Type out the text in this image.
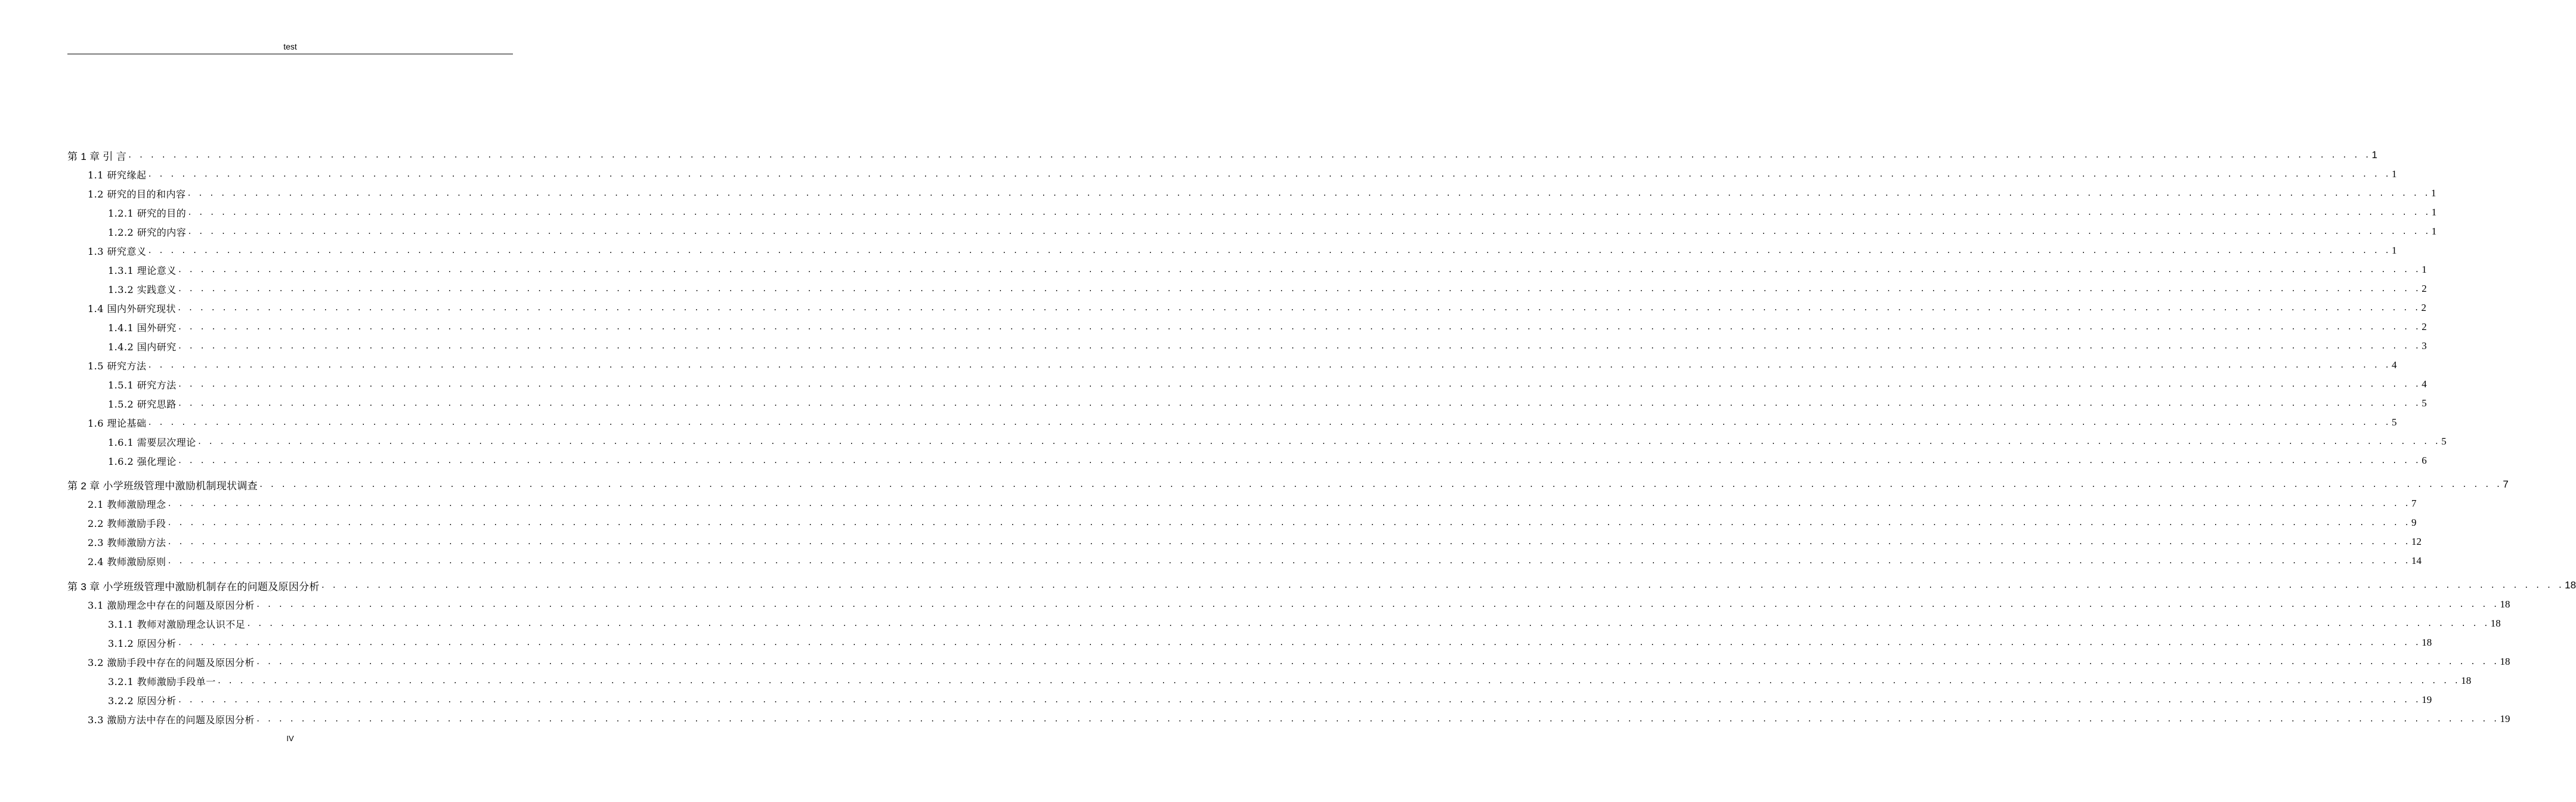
test
第 1 章 引 言 . . . . . . . . . . . . . . . . . . . . . . . . . . . . . . . . . . . . . . . . . . . . . . . . . . . . . . . . . . . . . . . . . . . . . . . . . . . . . . . . . . . . . . . . . . . . . . . . . . . . . . . . . . . . . . . . . . . . . . . . . . . . . . . . . . . . . . . . . . . . . . . . . . . . . . . . . . . . . . . . . . . . . . . . . . . . . . . . . . . . . . . . . . . . . . . . . . . . . . . . 1
1.1 研究缘起 . . . . . . . . . . . . . . . . . . . . . . . . . . . . . . . . . . . . . . . . . . . . . . . . . . . . . . . . . . . . . . . . . . . . . . . . . . . . . . . . . . . . . . . . . . . . . . . . . . . . . . . . . . . . . . . . . . . . . . . . . . . . . . . . . . . . . . . . . . . . . . . . . . . . . . . . . . . . . . . . . . . . . . . . . . . . . . . . . . . . . . . . . . . . . . . . . . . . . . . . 1
1.2 研究的目的和内容 . . . . . . . . . . . . . . . . . . . . . . . . . . . . . . . . . . . . . . . . . . . . . . . . . . . . . . . . . . . . . . . . . . . . . . . . . . . . . . . . . . . . . . . . . . . . . . . . . . . . . . . . . . . . . . . . . . . . . . . . . . . . . . . . . . . . . . . . . . . . . . . . . . . . . . . . . . . . . . . . . . . . . . . . . . . . . . . . . . . . . . . . . . . . . . . . . . . . . . . . 1
1.2.1 研究的目的 . . . . . . . . . . . . . . . . . . . . . . . . . . . . . . . . . . . . . . . . . . . . . . . . . . . . . . . . . . . . . . . . . . . . . . . . . . . . . . . . . . . . . . . . . . . . . . . . . . . . . . . . . . . . . . . . . . . . . . . . . . . . . . . . . . . . . . . . . . . . . . . . . . . . . . . . . . . . . . . . . . . . . . . . . . . . . . . . . . . . . . . . . . . . . . . . . . . . . . . . 1
1.2.2 研究的内容 . . . . . . . . . . . . . . . . . . . . . . . . . . . . . . . . . . . . . . . . . . . . . . . . . . . . . . . . . . . . . . . . . . . . . . . . . . . . . . . . . . . . . . . . . . . . . . . . . . . . . . . . . . . . . . . . . . . . . . . . . . . . . . . . . . . . . . . . . . . . . . . . . . . . . . . . . . . . . . . . . . . . . . . . . . . . . . . . . . . . . . . . . . . . . . . . . . . . . . . . 1
1.3 研究意义 . . . . . . . . . . . . . . . . . . . . . . . . . . . . . . . . . . . . . . . . . . . . . . . . . . . . . . . . . . . . . . . . . . . . . . . . . . . . . . . . . . . . . . . . . . . . . . . . . . . . . . . . . . . . . . . . . . . . . . . . . . . . . . . . . . . . . . . . . . . . . . . . . . . . . . . . . . . . . . . . . . . . . . . . . . . . . . . . . . . . . . . . . . . . . . . . . . . . . . . . 1
1.3.1 理论意义 . . . . . . . . . . . . . . . . . . . . . . . . . . . . . . . . . . . . . . . . . . . . . . . . . . . . . . . . . . . . . . . . . . . . . . . . . . . . . . . . . . . . . . . . . . . . . . . . . . . . . . . . . . . . . . . . . . . . . . . . . . . . . . . . . . . . . . . . . . . . . . . . . . . . . . . . . . . . . . . . . . . . . . . . . . . . . . . . . . . . . . . . . . . . . . . . . . . . . . . . 1
1.3.2 实践意义 . . . . . . . . . . . . . . . . . . . . . . . . . . . . . . . . . . . . . . . . . . . . . . . . . . . . . . . . . . . . . . . . . . . . . . . . . . . . . . . . . . . . . . . . . . . . . . . . . . . . . . . . . . . . . . . . . . . . . . . . . . . . . . . . . . . . . . . . . . . . . . . . . . . . . . . . . . . . . . . . . . . . . . . . . . . . . . . . . . . . . . . . . . . . . . . . . . . . . . . . 2
1.4 国内外研究现状 . . . . . . . . . . . . . . . . . . . . . . . . . . . . . . . . . . . . . . . . . . . . . . . . . . . . . . . . . . . . . . . . . . . . . . . . . . . . . . . . . . . . . . . . . . . . . . . . . . . . . . . . . . . . . . . . . . . . . . . . . . . . . . . . . . . . . . . . . . . . . . . . . . . . . . . . . . . . . . . . . . . . . . . . . . . . . . . . . . . . . . . . . . . . . . . . . . . . . . . . 2
1.4.1 国外研究 . . . . . . . . . . . . . . . . . . . . . . . . . . . . . . . . . . . . . . . . . . . . . . . . . . . . . . . . . . . . . . . . . . . . . . . . . . . . . . . . . . . . . . . . . . . . . . . . . . . . . . . . . . . . . . . . . . . . . . . . . . . . . . . . . . . . . . . . . . . . . . . . . . . . . . . . . . . . . . . . . . . . . . . . . . . . . . . . . . . . . . . . . . . . . . . . . . . . . . . . 2
1.4.2 国内研究 . . . . . . . . . . . . . . . . . . . . . . . . . . . . . . . . . . . . . . . . . . . . . . . . . . . . . . . . . . . . . . . . . . . . . . . . . . . . . . . . . . . . . . . . . . . . . . . . . . . . . . . . . . . . . . . . . . . . . . . . . . . . . . . . . . . . . . . . . . . . . . . . . . . . . . . . . . . . . . . . . . . . . . . . . . . . . . . . . . . . . . . . . . . . . . . . . . . . . . . . 3
1.5 研究方法 . . . . . . . . . . . . . . . . . . . . . . . . . . . . . . . . . . . . . . . . . . . . . . . . . . . . . . . . . . . . . . . . . . . . . . . . . . . . . . . . . . . . . . . . . . . . . . . . . . . . . . . . . . . . . . . . . . . . . . . . . . . . . . . . . . . . . . . . . . . . . . . . . . . . . . . . . . . . . . . . . . . . . . . . . . . . . . . . . . . . . . . . . . . . . . . . . . . . . . . . 4
1.5.1 研究方法 . . . . . . . . . . . . . . . . . . . . . . . . . . . . . . . . . . . . . . . . . . . . . . . . . . . . . . . . . . . . . . . . . . . . . . . . . . . . . . . . . . . . . . . . . . . . . . . . . . . . . . . . . . . . . . . . . . . . . . . . . . . . . . . . . . . . . . . . . . . . . . . . . . . . . . . . . . . . . . . . . . . . . . . . . . . . . . . . . . . . . . . . . . . . . . . . . . . . . . . . 4
1.5.2 研究思路 . . . . . . . . . . . . . . . . . . . . . . . . . . . . . . . . . . . . . . . . . . . . . . . . . . . . . . . . . . . . . . . . . . . . . . . . . . . . . . . . . . . . . . . . . . . . . . . . . . . . . . . . . . . . . . . . . . . . . . . . . . . . . . . . . . . . . . . . . . . . . . . . . . . . . . . . . . . . . . . . . . . . . . . . . . . . . . . . . . . . . . . . . . . . . . . . . . . . . . . . 5
1.6 理论基础 . . . . . . . . . . . . . . . . . . . . . . . . . . . . . . . . . . . . . . . . . . . . . . . . . . . . . . . . . . . . . . . . . . . . . . . . . . . . . . . . . . . . . . . . . . . . . . . . . . . . . . . . . . . . . . . . . . . . . . . . . . . . . . . . . . . . . . . . . . . . . . . . . . . . . . . . . . . . . . . . . . . . . . . . . . . . . . . . . . . . . . . . . . . . . . . . . . . . . . . . 5
1.6.1 需要层次理论 . . . . . . . . . . . . . . . . . . . . . . . . . . . . . . . . . . . . . . . . . . . . . . . . . . . . . . . . . . . . . . . . . . . . . . . . . . . . . . . . . . . . . . . . . . . . . . . . . . . . . . . . . . . . . . . . . . . . . . . . . . . . . . . . . . . . . . . . . . . . . . . . . . . . . . . . . . . . . . . . . . . . . . . . . . . . . . . . . . . . . . . . . . . . . . . . . . . . . . . . 5
1.6.2 强化理论 . . . . . . . . . . . . . . . . . . . . . . . . . . . . . . . . . . . . . . . . . . . . . . . . . . . . . . . . . . . . . . . . . . . . . . . . . . . . . . . . . . . . . . . . . . . . . . . . . . . . . . . . . . . . . . . . . . . . . . . . . . . . . . . . . . . . . . . . . . . . . . . . . . . . . . . . . . . . . . . . . . . . . . . . . . . . . . . . . . . . . . . . . . . . . . . . . . . . . . . . 6
第 2 章 小学班级管理中激励机制现状调查 . . . . . . . . . . . . . . . . . . . . . . . . . . . . . . . . . . . . . . . . . . . . . . . . . . . . . . . . . . . . . . . . . . . . . . . . . . . . . . . . . . . . . . . . . . . . . . . . . . . . . . . . . . . . . . . . . . . . . . . . . . . . . . . . . . . . . . . . . . . . . . . . . . . . . . . . . . . . . . . . . . . . . . . . . . . . . . . . . . . . . . . . . . . . . . . . . . . . . . . . 7
2.1 教师激励理念 . . . . . . . . . . . . . . . . . . . . . . . . . . . . . . . . . . . . . . . . . . . . . . . . . . . . . . . . . . . . . . . . . . . . . . . . . . . . . . . . . . . . . . . . . . . . . . . . . . . . . . . . . . . . . . . . . . . . . . . . . . . . . . . . . . . . . . . . . . . . . . . . . . . . . . . . . . . . . . . . . . . . . . . . . . . . . . . . . . . . . . . . . . . . . . . . . . . . . . . . 7
2.2 教师激励手段 . . . . . . . . . . . . . . . . . . . . . . . . . . . . . . . . . . . . . . . . . . . . . . . . . . . . . . . . . . . . . . . . . . . . . . . . . . . . . . . . . . . . . . . . . . . . . . . . . . . . . . . . . . . . . . . . . . . . . . . . . . . . . . . . . . . . . . . . . . . . . . . . . . . . . . . . . . . . . . . . . . . . . . . . . . . . . . . . . . . . . . . . . . . . . . . . . . . . . . . . 9
2.3 教师激励方法 . . . . . . . . . . . . . . . . . . . . . . . . . . . . . . . . . . . . . . . . . . . . . . . . . . . . . . . . . . . . . . . . . . . . . . . . . . . . . . . . . . . . . . . . . . . . . . . . . . . . . . . . . . . . . . . . . . . . . . . . . . . . . . . . . . . . . . . . . . . . . . . . . . . . . . . . . . . . . . . . . . . . . . . . . . . . . . . . . . . . . . . . . . . . . . . . . . . . . . . . 12
2.4 教师激励原则 . . . . . . . . . . . . . . . . . . . . . . . . . . . . . . . . . . . . . . . . . . . . . . . . . . . . . . . . . . . . . . . . . . . . . . . . . . . . . . . . . . . . . . . . . . . . . . . . . . . . . . . . . . . . . . . . . . . . . . . . . . . . . . . . . . . . . . . . . . . . . . . . . . . . . . . . . . . . . . . . . . . . . . . . . . . . . . . . . . . . . . . . . . . . . . . . . . . . . . . . 14
第 3 章 小学班级管理中激励机制存在的问题及原因分析 . . . . . . . . . . . . . . . . . . . . . . . . . . . . . . . . . . . . . . . . . . . . . . . . . . . . . . . . . . . . . . . . . . . . . . . . . . . . . . . . . . . . . . . . . . . . . . . . . . . . . . . . . . . . . . . . . . . . . . . . . . . . . . . . . . . . . . . . . . . . . . . . . . . . . . . . . . . . . . . . . . . . . . . . . . . . . . . . . . . . . . . . . . . . . . . . . . . . . . . . 18
3.1 激励理念中存在的问题及原因分析 . . . . . . . . . . . . . . . . . . . . . . . . . . . . . . . . . . . . . . . . . . . . . . . . . . . . . . . . . . . . . . . . . . . . . . . . . . . . . . . . . . . . . . . . . . . . . . . . . . . . . . . . . . . . . . . . . . . . . . . . . . . . . . . . . . . . . . . . . . . . . . . . . . . . . . . . . . . . . . . . . . . . . . . . . . . . . . . . . . . . . . . . . . . . . . . . . . . . . . . . 18
3.1.1 教师对激励理念认识不足 . . . . . . . . . . . . . . . . . . . . . . . . . . . . . . . . . . . . . . . . . . . . . . . . . . . . . . . . . . . . . . . . . . . . . . . . . . . . . . . . . . . . . . . . . . . . . . . . . . . . . . . . . . . . . . . . . . . . . . . . . . . . . . . . . . . . . . . . . . . . . . . . . . . . . . . . . . . . . . . . . . . . . . . . . . . . . . . . . . . . . . . . . . . . . . . . . . . . . . . . 18
3.1.2 原因分析 . . . . . . . . . . . . . . . . . . . . . . . . . . . . . . . . . . . . . . . . . . . . . . . . . . . . . . . . . . . . . . . . . . . . . . . . . . . . . . . . . . . . . . . . . . . . . . . . . . . . . . . . . . . . . . . . . . . . . . . . . . . . . . . . . . . . . . . . . . . . . . . . . . . . . . . . . . . . . . . . . . . . . . . . . . . . . . . . . . . . . . . . . . . . . . . . . . . . . . . . 18
3.2 激励手段中存在的问题及原因分析 . . . . . . . . . . . . . . . . . . . . . . . . . . . . . . . . . . . . . . . . . . . . . . . . . . . . . . . . . . . . . . . . . . . . . . . . . . . . . . . . . . . . . . . . . . . . . . . . . . . . . . . . . . . . . . . . . . . . . . . . . . . . . . . . . . . . . . . . . . . . . . . . . . . . . . . . . . . . . . . . . . . . . . . . . . . . . . . . . . . . . . . . . . . . . . . . . . . . . . . . 18
3.2.1 教师激励手段单一 . . . . . . . . . . . . . . . . . . . . . . . . . . . . . . . . . . . . . . . . . . . . . . . . . . . . . . . . . . . . . . . . . . . . . . . . . . . . . . . . . . . . . . . . . . . . . . . . . . . . . . . . . . . . . . . . . . . . . . . . . . . . . . . . . . . . . . . . . . . . . . . . . . . . . . . . . . . . . . . . . . . . . . . . . . . . . . . . . . . . . . . . . . . . . . . . . . . . . . . . 18
3.2.2 原因分析 . . . . . . . . . . . . . . . . . . . . . . . . . . . . . . . . . . . . . . . . . . . . . . . . . . . . . . . . . . . . . . . . . . . . . . . . . . . . . . . . . . . . . . . . . . . . . . . . . . . . . . . . . . . . . . . . . . . . . . . . . . . . . . . . . . . . . . . . . . . . . . . . . . . . . . . . . . . . . . . . . . . . . . . . . . . . . . . . . . . . . . . . . . . . . . . . . . . . . . . . 19
3.3 激励方法中存在的问题及原因分析 . . . . . . . . . . . . . . . . . . . . . . . . . . . . . . . . . . . . . . . . . . . . . . . . . . . . . . . . . . . . . . . . . . . . . . . . . . . . . . . . . . . . . . . . . . . . . . . . . . . . . . . . . . . . . . . . . . . . . . . . . . . . . . . . . . . . . . . . . . . . . . . . . . . . . . . . . . . . . . . . . . . . . . . . . . . . . . . . . . . . . . . . . . . . . . . . . . . . . . . . 19
IV
